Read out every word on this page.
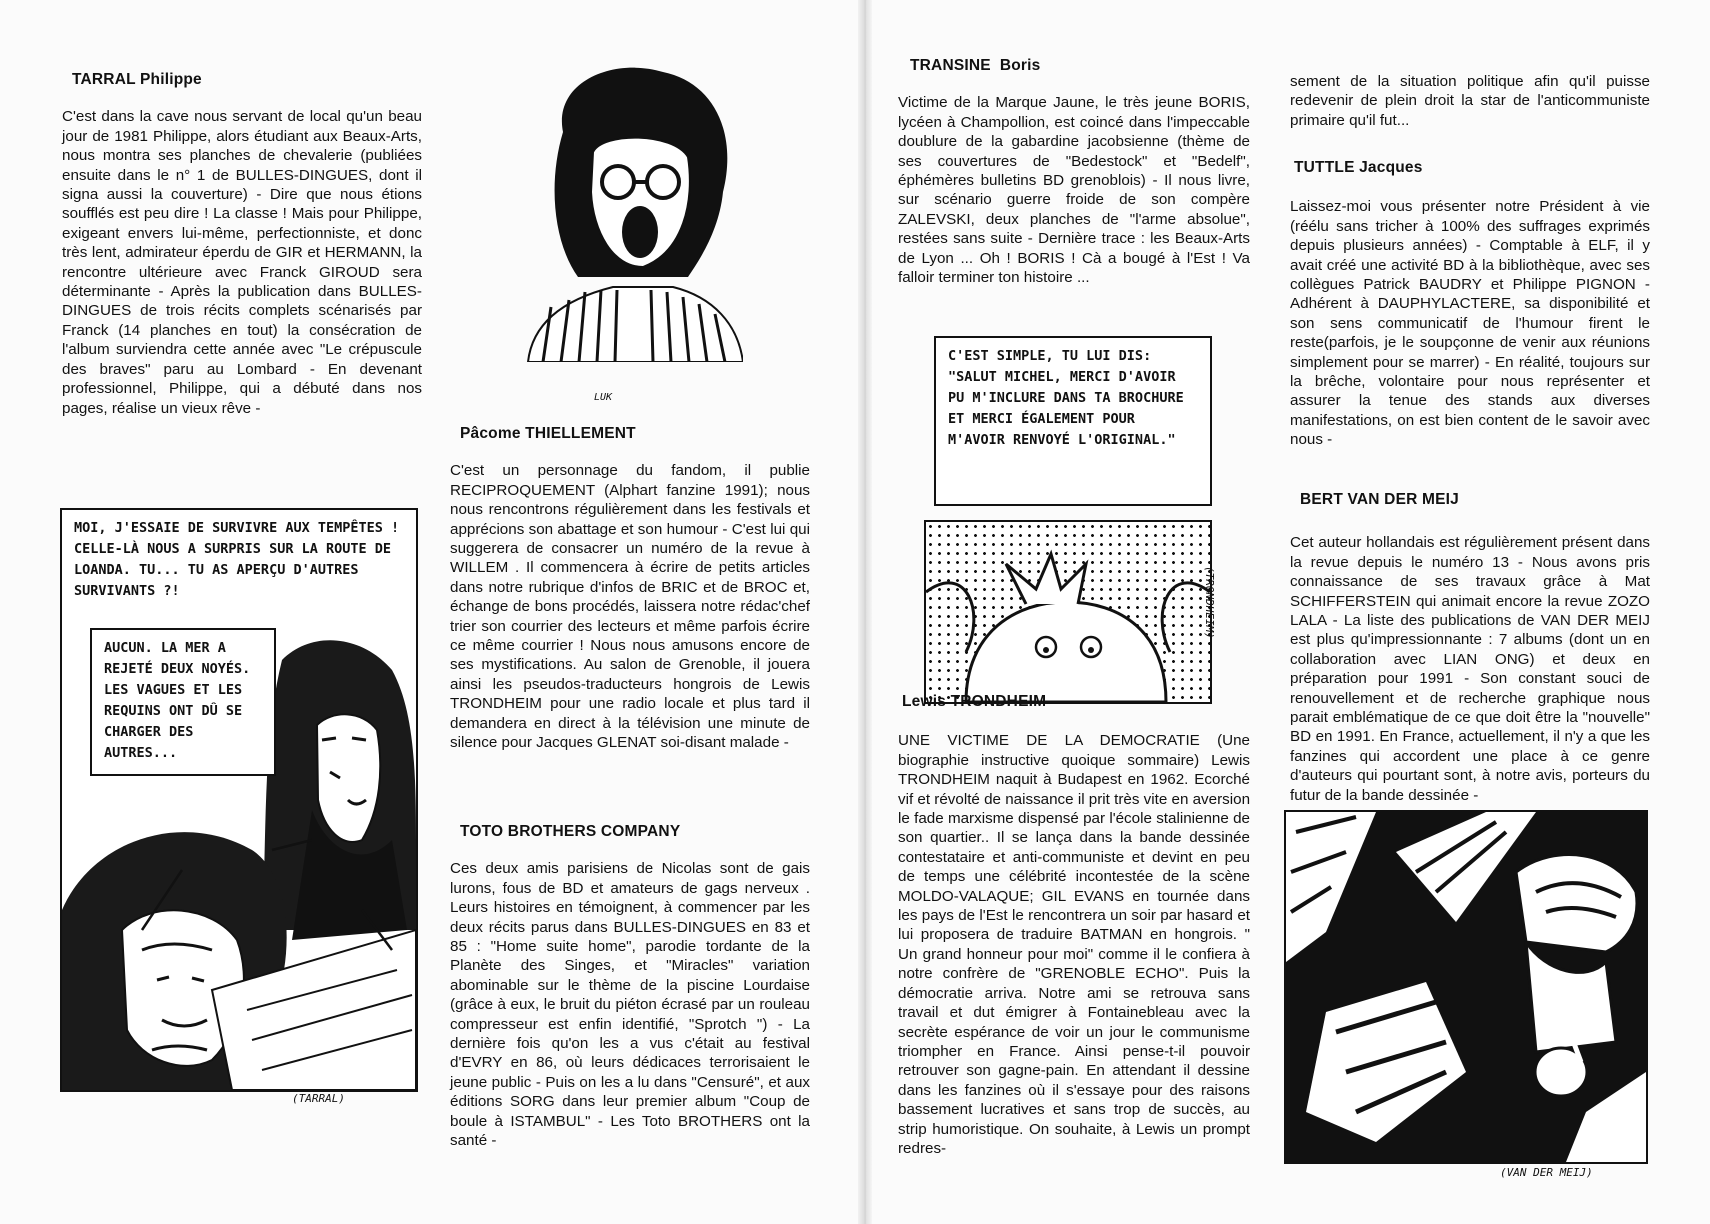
TARRAL Philippe

C'est dans la cave nous servant de local qu'un beau jour de 1981 Philippe, alors étudiant aux Beaux-Arts, nous montra ses planches de chevalerie (publiées ensuite dans le n° 1 de BULLES-DINGUES, dont il signa aussi la couverture) - Dire que nous étions soufflés est peu dire ! La classe ! Mais pour Philippe, exigeant envers lui-même, perfectionniste, et donc très lent, admirateur éperdu de GIR et HERMANN, la rencontre ultérieure avec Franck GIROUD sera déterminante - Après la publication dans BULLES-DINGUES de trois récits complets scénarisés par Franck (14 planches en tout) la consécration de l'album surviendra cette année avec "Le crépuscule des braves" paru au Lombard - En devenant professionnel, Philippe, qui a débuté dans nos pages, réalise un vieux rêve -

MOI, J'ESSAIE DE SURVIVRE AUX TEMPÊTES ! CELLE-LÀ NOUS A SURPRIS SUR LA ROUTE DE LOANDA. TU... TU AS APERÇU D'AUTRES SURVIVANTS ?!
AUCUN. LA MER A REJETÉ DEUX NOYÉS. LES VAGUES ET LES REQUINS ONT DÛ SE CHARGER DES AUTRES...
(TARRAL)
LUK
Pâcome THIELLEMENT

C'est un personnage du fandom, il publie RECIPROQUEMENT (Alphart fanzine 1991); nous nous rencontrons régulièrement dans les festivals et apprécions son abattage et son humour - C'est lui qui suggerera de consacrer un numéro de la revue à WILLEM . Il commencera à écrire de petits articles dans notre rubrique d'infos de BRIC et de BROC et, échange de bons procédés, laissera notre rédac'chef trier son courrier des lecteurs et même parfois écrire ce même courrier ! Nous nous amusons encore de ses mystifications. Au salon de Grenoble, il jouera ainsi les pseudos-traducteurs hongrois de Lewis TRONDHEIM pour une radio locale et plus tard il demandera en direct à la télévision une minute de silence pour Jacques GLENAT soi-disant malade -

TOTO BROTHERS COMPANY

Ces deux amis parisiens de Nicolas sont de gais lurons, fous de BD et amateurs de gags nerveux . Leurs histoires en témoignent, à commencer par les deux récits parus dans BULLES-DINGUES en 83 et 85 : "Home suite home", parodie tordante de la Planète des Singes, et "Miracles" variation abominable sur le thème de la piscine Lourdaise (grâce à eux, le bruit du piéton écrasé par un rouleau compresseur est enfin identifié, "Sprotch ") - La dernière fois qu'on les a vus c'était au festival d'EVRY en 86, où leurs dédicaces terrorisaient le jeune public - Puis on les a lu dans "Censuré", et aux éditions SORG dans leur premier album "Coup de boule à ISTAMBUL" - Les Toto BROTHERS ont la santé -

TRANSINE Boris

Victime de la Marque Jaune, le très jeune BORIS, lycéen à Champollion, est coincé dans l'impeccable doublure de la gabardine jacobsienne (thème de ses couvertures de "Bedestock" et "Bedelf", éphémères bulletins BD grenoblois) - Il nous livre, sur scénario guerre froide de son compère ZALEVSKI, deux planches de "l'arme absolue", restées sans suite - Dernière trace : les Beaux-Arts de Lyon ... Oh ! BORIS ! Cà a bougé à l'Est ! Va falloir terminer ton histoire ...

C'EST SIMPLE, TU LUI DIS: "SALUT MICHEL, MERCI D'AVOIR PU M'INCLURE DANS TA BROCHURE ET MERCI ÉGALEMENT POUR M'AVOIR RENVOYÉ L'ORIGINAL."
(TRONDHEIM)
Lewis TRONDHEIM

UNE VICTIME DE LA DEMOCRATIE (Une biographie instructive quoique sommaire) Lewis TRONDHEIM naquit à Budapest en 1962. Ecorché vif et révolté de naissance il prit très vite en aversion le fade marxisme dispensé par l'école stalinienne de son quartier.. Il se lança dans la bande dessinée contestataire et anti-communiste et devint en peu de temps une célébrité incontestée de la scène MOLDO-VALAQUE; GIL EVANS en tournée dans les pays de l'Est le rencontrera un soir par hasard et lui proposera de traduire BATMAN en hongrois. " Un grand honneur pour moi" comme il le confiera à notre confrère de "GRENOBLE ECHO". Puis la démocratie arriva. Notre ami se retrouva sans travail et dut émigrer à Fontainebleau avec la secrète espérance de voir un jour le communisme triompher en France. Ainsi pense-t-il pouvoir retrouver son gagne-pain. En attendant il dessine dans les fanzines où il s'essaye pour des raisons bassement lucratives et sans trop de succès, au strip humoristique. On souhaite, à Lewis un prompt redres-

sement de la situation politique afin qu'il puisse redevenir de plein droit la star de l'anticommuniste primaire qu'il fut...

TUTTLE Jacques

Laissez-moi vous présenter notre Président à vie (réélu sans tricher à 100% des suffrages exprimés depuis plusieurs années) - Comptable à ELF, il y avait créé une activité BD à la bibliothèque, avec ses collègues Patrick BAUDRY et Philippe PIGNON - Adhérent à DAUPHYLACTERE, sa disponibilité et son sens communicatif de l'humour firent le reste(parfois, je le soupçonne de venir aux réunions simplement pour se marrer) - En réalité, toujours sur la brêche, volontaire pour nous représenter et assurer la tenue des stands aux diverses manifestations, on est bien content de le savoir avec nous -

BERT VAN DER MEIJ

Cet auteur hollandais est régulièrement présent dans la revue depuis le numéro 13 - Nous avons pris connaissance de ses travaux grâce à Mat SCHIFFERSTEIN qui animait encore la revue ZOZO LALA - La liste des publications de VAN DER MEIJ est plus qu'impressionnante : 7 albums (dont un en collaboration avec LIAN ONG) et deux en préparation pour 1991 - Son constant souci de renouvellement et de recherche graphique nous parait emblématique de ce que doit être la "nouvelle" BD en 1991. En France, actuellement, il n'y a que les fanzines qui accordent une place à ce genre d'auteurs qui pourtant sont, à notre avis, porteurs du futur de la bande dessinée -

(VAN DER MEIJ)
